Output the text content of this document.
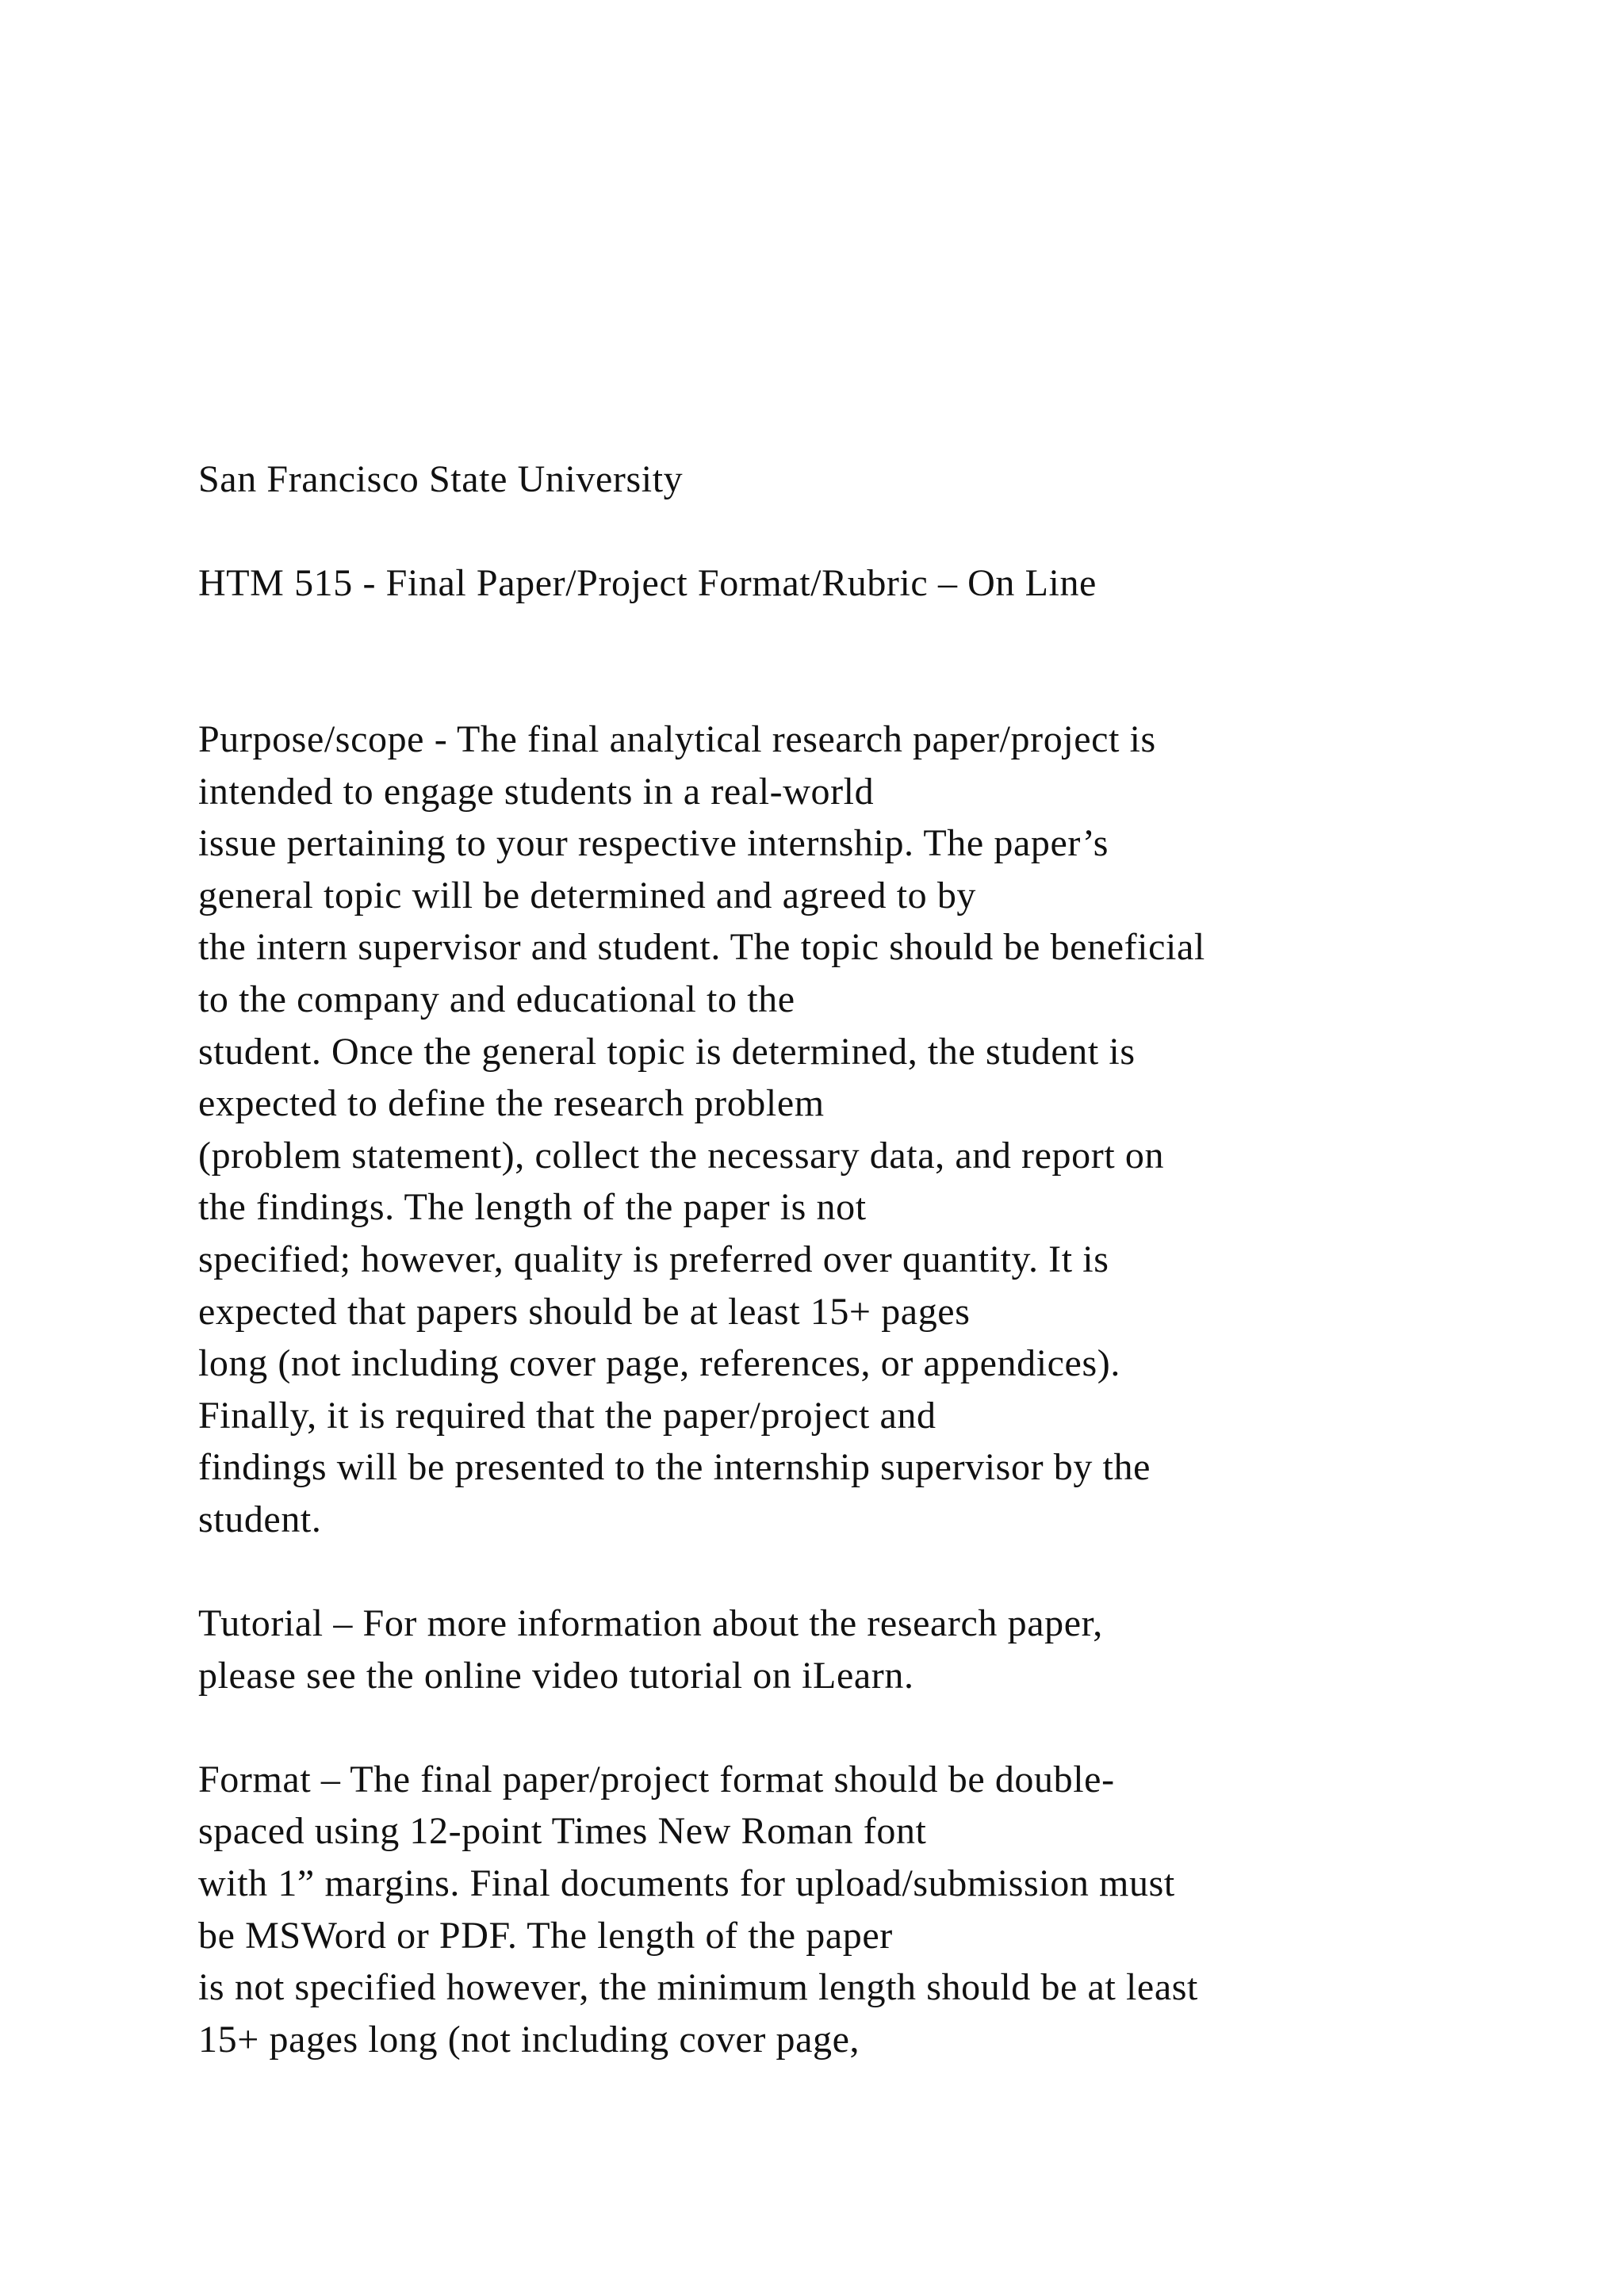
San Francisco State University
HTM 515 - Final Paper/Project Format/Rubric – On Line
Purpose/scope - The final analytical research paper/project is
intended to engage students in a real-world
issue pertaining to your respective internship. The paper’s
general topic will be determined and agreed to by
the intern supervisor and student. The topic should be beneficial
to the company and educational to the
student. Once the general topic is determined, the student is
expected to define the research problem
(problem statement), collect the necessary data, and report on
the findings. The length of the paper is not
specified; however, quality is preferred over quantity. It is
expected that papers should be at least 15+ pages
long (not including cover page, references, or appendices).
Finally, it is required that the paper/project and
findings will be presented to the internship supervisor by the
student.
Tutorial – For more information about the research paper,
please see the online video tutorial on iLearn.
Format – The final paper/project format should be double-
spaced using 12-point Times New Roman font
with 1” margins. Final documents for upload/submission must
be MSWord or PDF. The length of the paper
is not specified however, the minimum length should be at least
15+ pages long (not including cover page,
